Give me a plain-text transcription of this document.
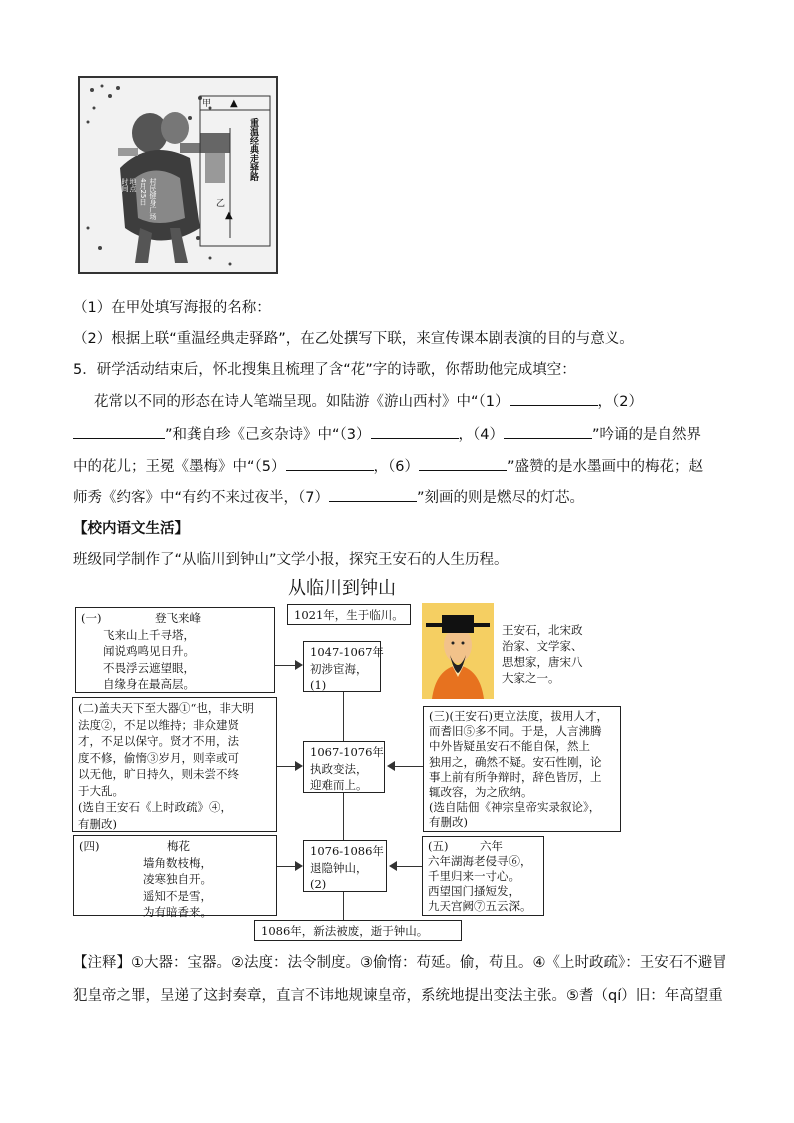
甲 ▲
乙
▲
重温经典走驿路
时间 地点 4月25日 村民健身广场
（1）在甲处填写海报的名称：
（2）根据上联“重温经典走驿路”，在乙处撰写下联，来宣传课本剧表演的目的与意义。
5．研学活动结束后，怀北搜集且梳理了含“花”字的诗歌，你帮助他完成填空：
花常以不同的形态在诗人笔端呈现。如陆游《游山西村》中“（1）	，（2）
”和龚自珍《己亥杂诗》中“（3）	，（4）	”吟诵的是自然界
中的花儿；王冕《墨梅》中“（5）	，（6）	”盛赞的是水墨画中的梅花；赵
师秀《约客》中“有约不来过夜半，（7）	”刻画的则是燃尽的灯芯。
【校内语文生活】
班级同学制作了“从临川到钟山”文学小报，探究王安石的人生历程。
从临川到钟山
1021年，生于临川。
1047-1067年
初涉宦海，
(1)
1067-1076年
执政变法，
迎难而上。
1076-1086年
退隐钟山，
(2)
1086年，新法被废，逝于钟山。
王安石，北宋政
治家、文学家、
思想家，唐宋八
大家之一。
(一)	登飞来峰
飞来山上千寻塔，
闻说鸡鸣见日升。
不畏浮云遮望眼，
自缘身在最高层。
(二)盖夫天下至大器①“也，非大明
法度②，不足以维持；非众建贤
才，不足以保守。贤才不用，法
度不修，偷惰③岁月，则幸或可
以无他，旷日持久，则未尝不终
于大乱。
(选自王安石《上时政疏》④，
有删改)
(三)(王安石)更立法度，拔用人才，
而耆旧⑤多不同。于是，人言沸腾
中外皆疑虽安石不能自保，然上
独用之，确然不疑。安石性刚，论
事上前有所争辩时，辞色皆厉，上
辄改容，为之欣纳。
(选自陆佃《神宗皇帝实录叙论》，
有删改)
(四)	梅花
墙角数枝梅，
凌寒独自开。
遥知不是雪，
为有暗香来。
(五)	六年
六年湖海老侵寻⑥，
千里归来一寸心。
西望国门搔短发，
九天宫阙⑦五云深。
【注释】①大器：宝器。②法度：法令制度。③偷惰：苟延。偷，苟且。④《上时政疏》：王安石不避冒
犯皇帝之罪，呈递了这封奏章，直言不讳地规谏皇帝，系统地提出变法主张。⑤耆（qí）旧：年高望重
